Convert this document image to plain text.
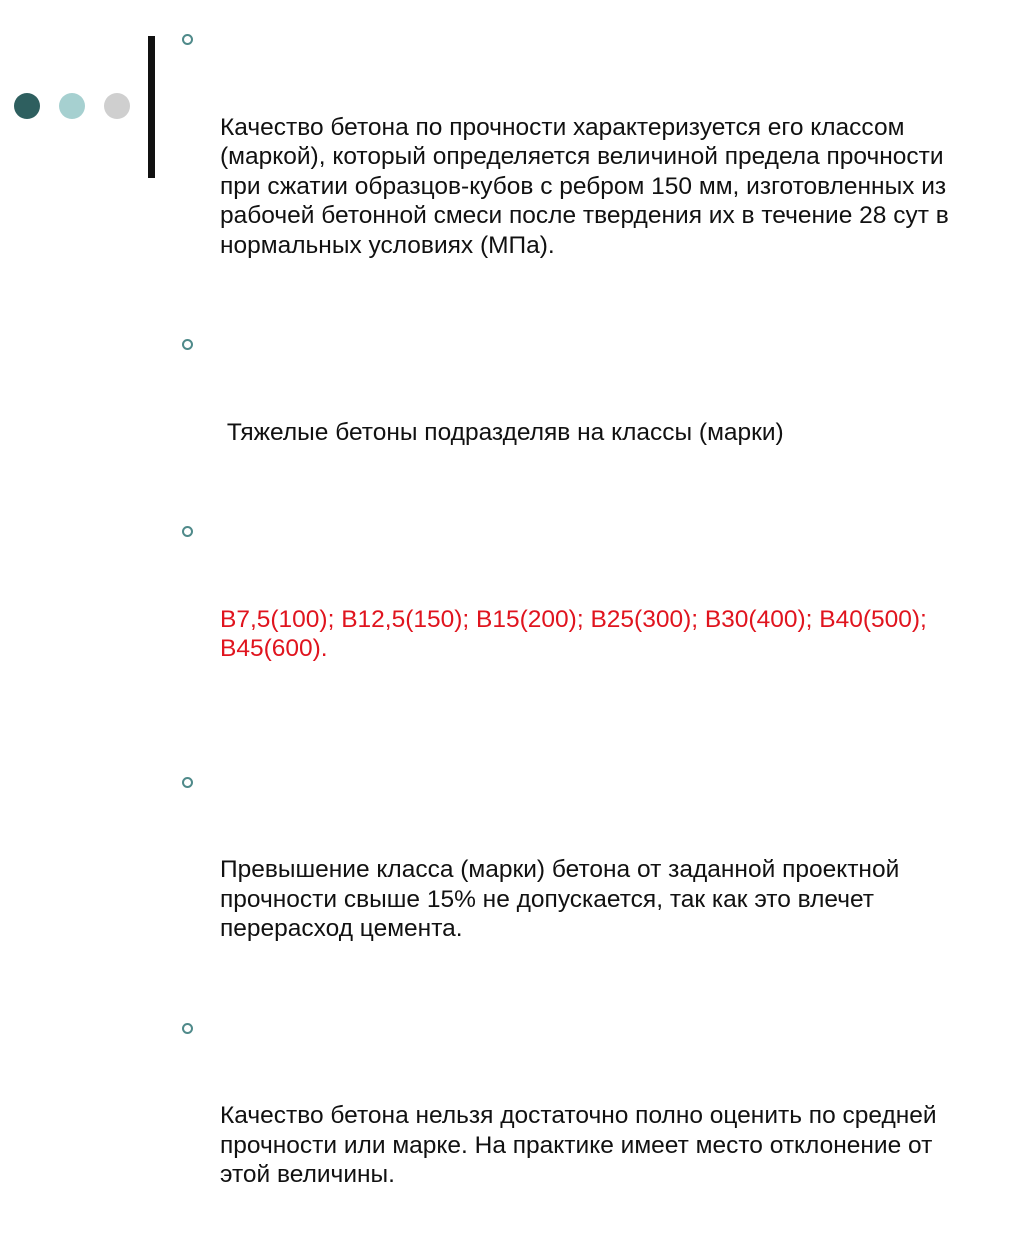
Качество бетона по прочности характеризуется его классом (маркой), который определяется величиной предела прочности при сжатии образцов-кубов с ребром 150 мм, изготовленных из рабочей бетонной смеси после твердения их в течение 28 сут в нормальных условиях (МПа).

Тяжелые бетоны подразделяв на классы (марки)

В7,5(100); В12,5(150); В15(200); В25(300); В30(400); В40(500); В45(600).

Превышение класса (марки) бетона от заданной проектной прочности свыше 15% не допускается, так как это влечет перерасход цемента.

Качество бетона нельзя достаточно полно оценить по средней прочности или марке. На практике имеет место отклонение от этой величины.
